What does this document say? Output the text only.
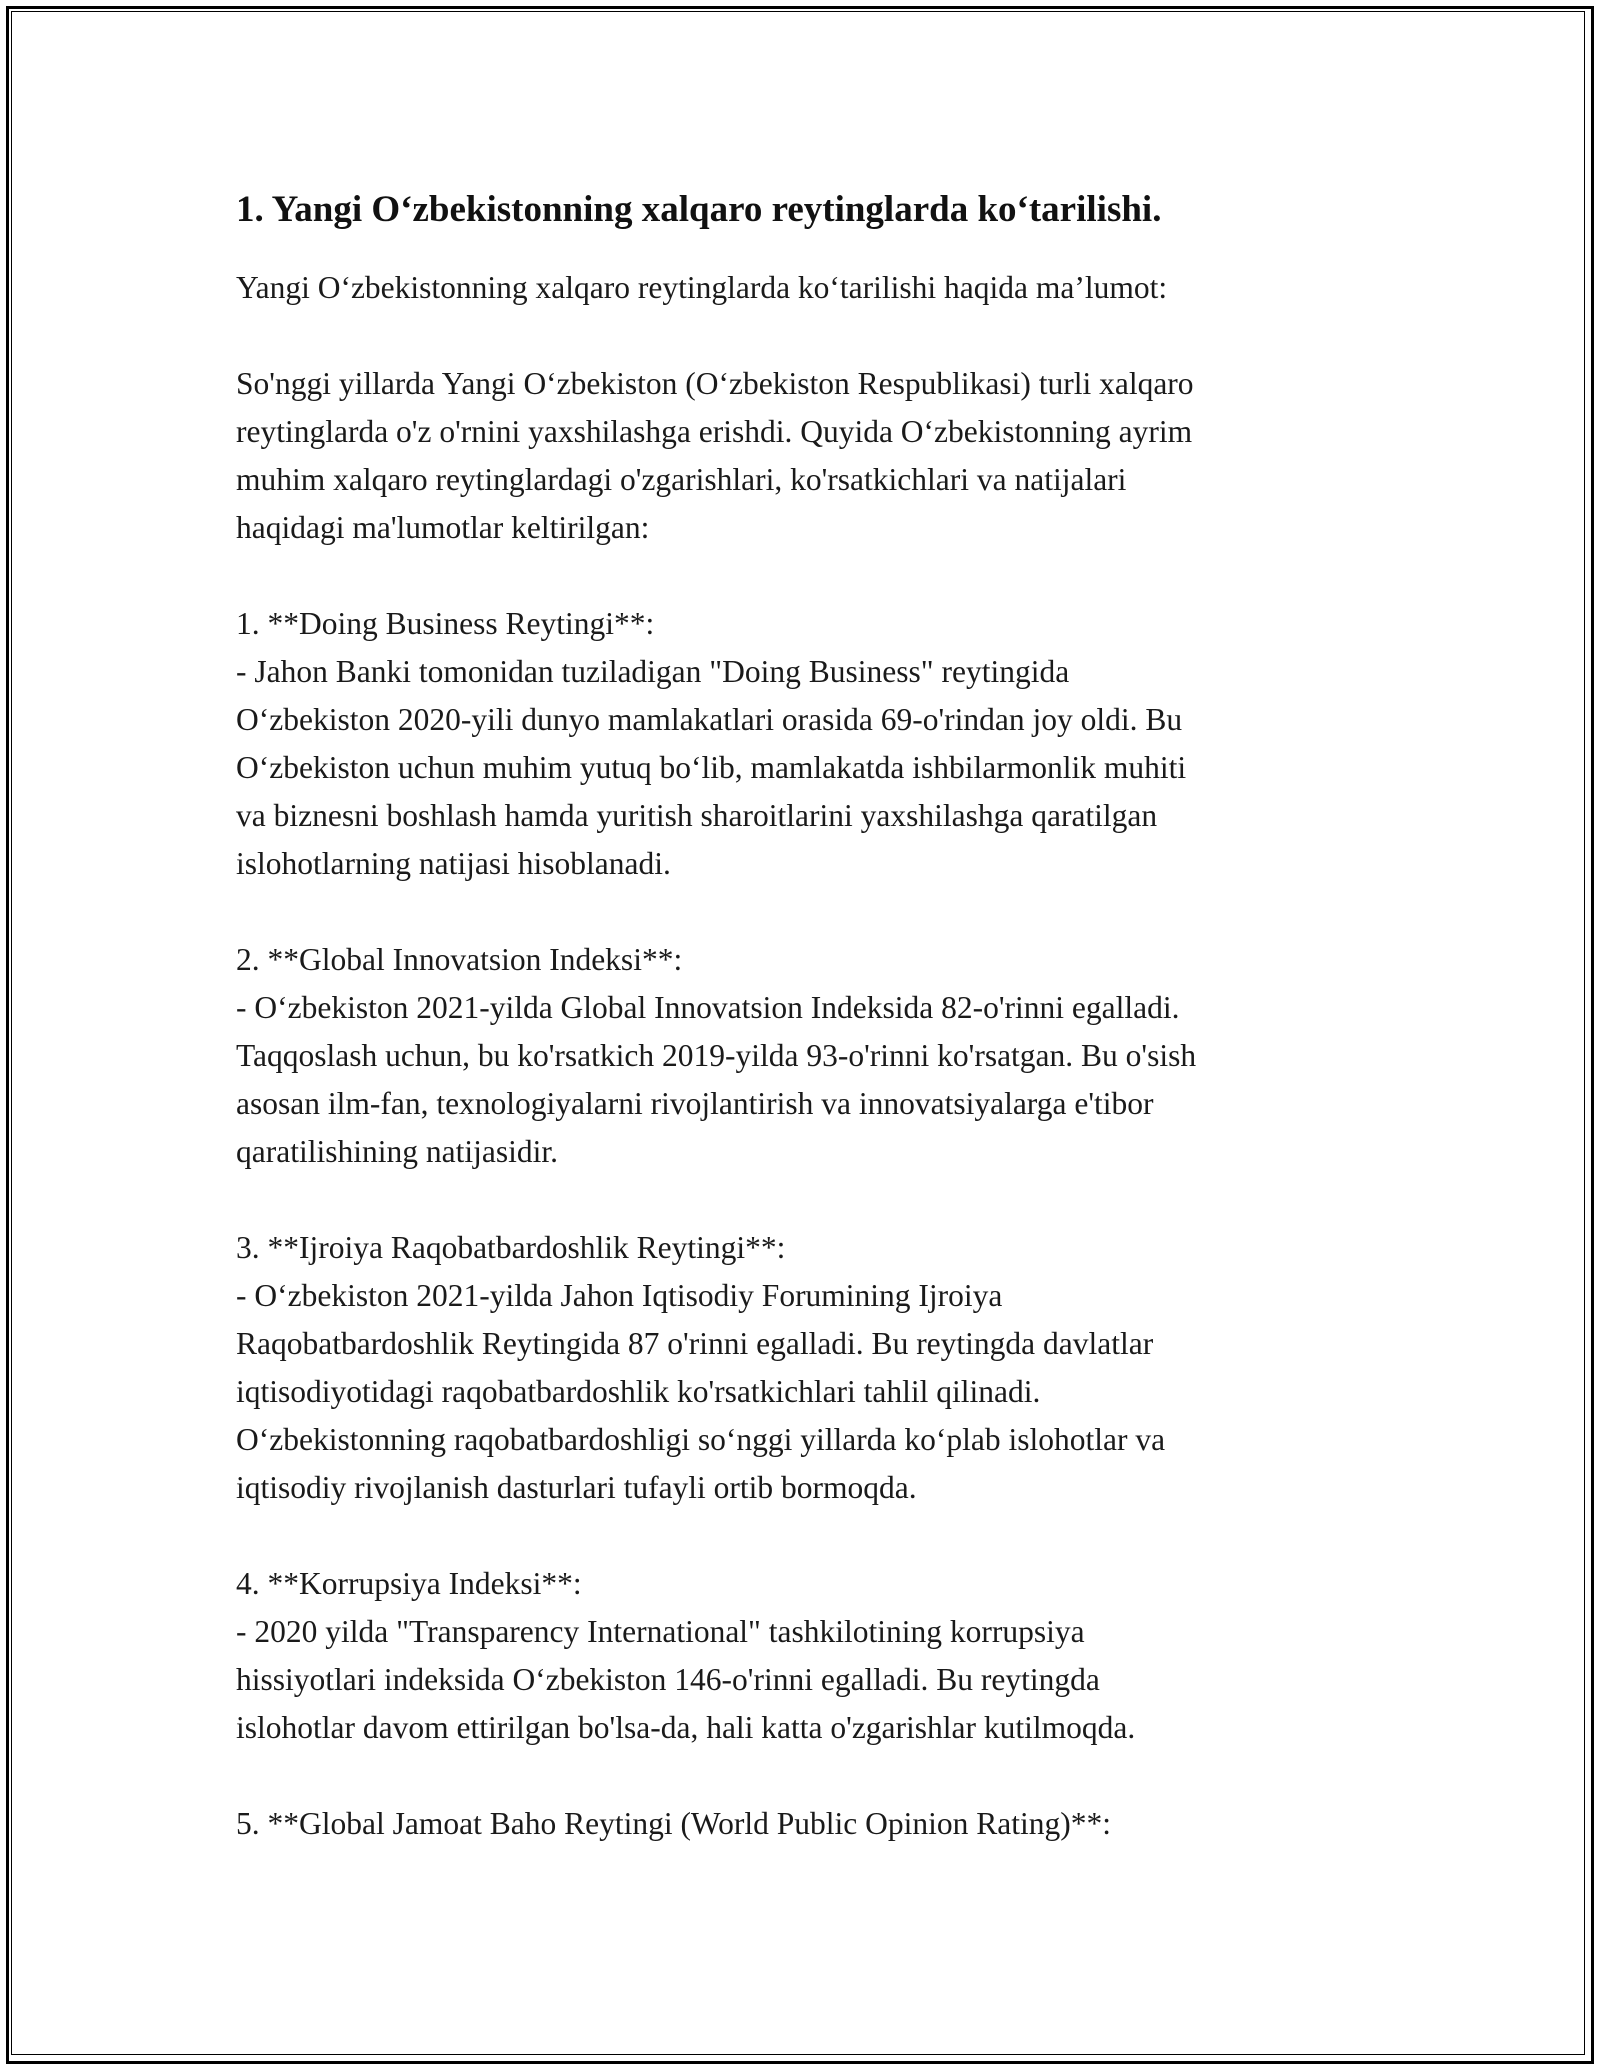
1. Yangi O‘zbekistonning xalqaro reytinglarda ko‘tarilishi.

Yangi O‘zbekistonning xalqaro reytinglarda ko‘tarilishi haqida ma’lumot:

So'nggi yillarda Yangi O‘zbekiston (O‘zbekiston Respublikasi) turli xalqaro
reytinglarda o'z o'rnini yaxshilashga erishdi. Quyida O‘zbekistonning ayrim
muhim xalqaro reytinglardagi o'zgarishlari, ko'rsatkichlari va natijalari
haqidagi ma'lumotlar keltirilgan:

1. **Doing Business Reytingi**:

- Jahon Banki tomonidan tuziladigan "Doing Business" reytingida
O‘zbekiston 2020-yili dunyo mamlakatlari orasida 69-o'rindan joy oldi. Bu
O‘zbekiston uchun muhim yutuq bo‘lib, mamlakatda ishbilarmonlik muhiti
va biznesni boshlash hamda yuritish sharoitlarini yaxshilashga qaratilgan
islohotlarning natijasi hisoblanadi.

2. **Global Innovatsion Indeksi**:

- O‘zbekiston 2021-yilda Global Innovatsion Indeksida 82-o'rinni egalladi.
Taqqoslash uchun, bu ko'rsatkich 2019-yilda 93-o'rinni ko'rsatgan. Bu o'sish
asosan ilm-fan, texnologiyalarni rivojlantirish va innovatsiyalarga e'tibor
qaratilishining natijasidir.

3. **Ijroiya Raqobatbardoshlik Reytingi**:

- O‘zbekiston 2021-yilda Jahon Iqtisodiy Forumining Ijroiya
Raqobatbardoshlik Reytingida 87 o'rinni egalladi. Bu reytingda davlatlar
iqtisodiyotidagi raqobatbardoshlik ko'rsatkichlari tahlil qilinadi.
O‘zbekistonning raqobatbardoshligi so‘nggi yillarda ko‘plab islohotlar va
iqtisodiy rivojlanish dasturlari tufayli ortib bormoqda.

4. **Korrupsiya Indeksi**:

- 2020 yilda "Transparency International" tashkilotining korrupsiya
hissiyotlari indeksida O‘zbekiston 146-o'rinni egalladi. Bu reytingda
islohotlar davom ettirilgan bo'lsa-da, hali katta o'zgarishlar kutilmoqda.

5. **Global Jamoat Baho Reytingi (World Public Opinion Rating)**:
